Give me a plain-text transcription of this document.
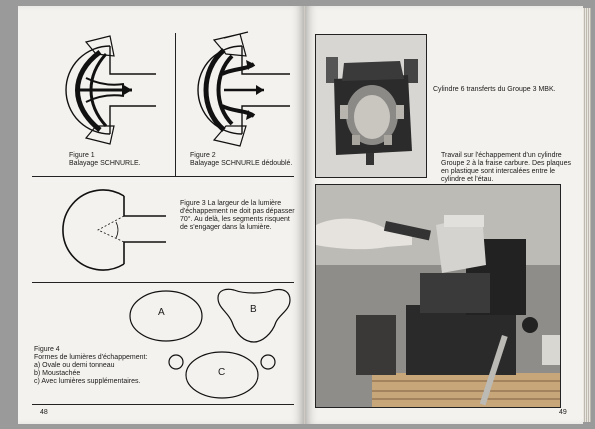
Figure 1
Balayage SCHNURLE.
Figure 2
Balayage SCHNURLE dédoublé.
Figure 3 La largeur de la lumière d'échappement ne doit pas dépasser 70°. Au delà, les segments risquent de s'engager dans la lumière.
A	B
C
Figure 4
Formes de lumières d'échappement:
a) Ovale ou demi tonneau
b) Moustachée
c) Avec lumières supplémentaires.
48
Cylindre 6 transferts du Groupe 3 MBK.
Travail sur l'échappement d'un cylindre Groupe 2 à la fraise carbure. Des plaques en plastique sont intercalées entre le cylindre et l'étau.
49
